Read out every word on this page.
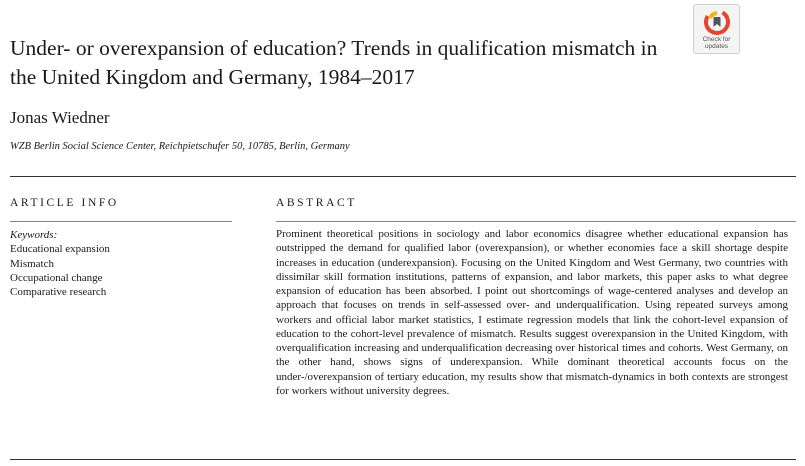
Under- or overexpansion of education? Trends in qualification mismatch in the United Kingdom and Germany, 1984–2017
Check for updates
Jonas Wiedner
WZB Berlin Social Science Center, Reichpietschufer 50, 10785, Berlin, Germany
ARTICLE INFO	ABSTRACT
Keywords:
Educational expansion
Mismatch
Occupational change
Comparative research

Prominent theoretical positions in sociology and labor economics disagree whether educational expansion has outstripped the demand for qualified labor (overexpansion), or whether economies face a skill shortage despite increases in education (underexpansion). Focusing on the United Kingdom and West Germany, two countries with dissimilar skill formation institutions, patterns of expansion, and labor markets, this paper asks to what degree expansion of education has been absorbed. I point out shortcomings of wage-centered analyses and develop an approach that focuses on trends in self-assessed over- and underqualification. Using repeated surveys among workers and official labor market statistics, I estimate regression models that link the cohort-level expansion of education to the cohort-level prevalence of mismatch. Results suggest overexpansion in the United Kingdom, with overqualification increasing and underqualification decreasing over historical times and cohorts. West Germany, on the other hand, shows signs of underexpansion. While dominant theoretical accounts focus on the under-/overexpansion of tertiary education, my results show that mismatch-dynamics in both contexts are strongest for workers without university degrees.
